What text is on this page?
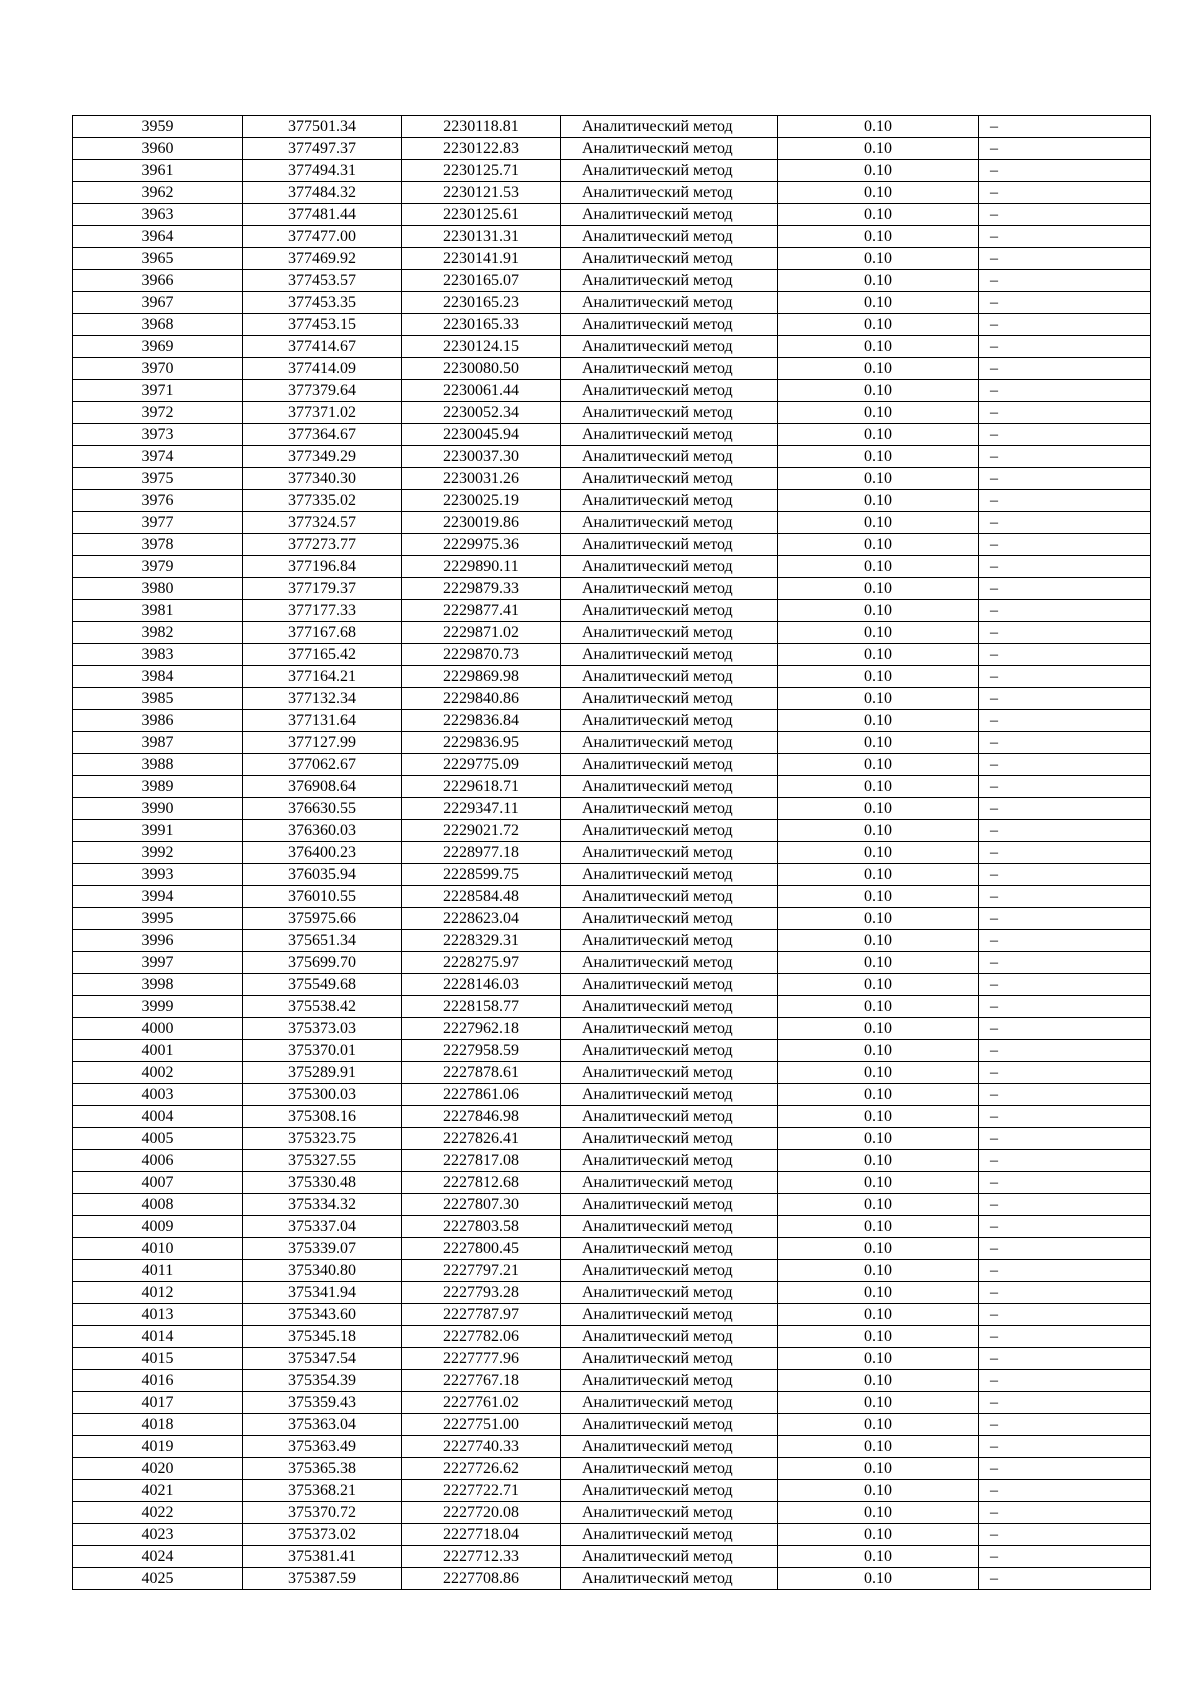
3959	377501.34	2230118.81	Аналитический метод	0.10	–
3960	377497.37	2230122.83	Аналитический метод	0.10	–
3961	377494.31	2230125.71	Аналитический метод	0.10	–
3962	377484.32	2230121.53	Аналитический метод	0.10	–
3963	377481.44	2230125.61	Аналитический метод	0.10	–
3964	377477.00	2230131.31	Аналитический метод	0.10	–
3965	377469.92	2230141.91	Аналитический метод	0.10	–
3966	377453.57	2230165.07	Аналитический метод	0.10	–
3967	377453.35	2230165.23	Аналитический метод	0.10	–
3968	377453.15	2230165.33	Аналитический метод	0.10	–
3969	377414.67	2230124.15	Аналитический метод	0.10	–
3970	377414.09	2230080.50	Аналитический метод	0.10	–
3971	377379.64	2230061.44	Аналитический метод	0.10	–
3972	377371.02	2230052.34	Аналитический метод	0.10	–
3973	377364.67	2230045.94	Аналитический метод	0.10	–
3974	377349.29	2230037.30	Аналитический метод	0.10	–
3975	377340.30	2230031.26	Аналитический метод	0.10	–
3976	377335.02	2230025.19	Аналитический метод	0.10	–
3977	377324.57	2230019.86	Аналитический метод	0.10	–
3978	377273.77	2229975.36	Аналитический метод	0.10	–
3979	377196.84	2229890.11	Аналитический метод	0.10	–
3980	377179.37	2229879.33	Аналитический метод	0.10	–
3981	377177.33	2229877.41	Аналитический метод	0.10	–
3982	377167.68	2229871.02	Аналитический метод	0.10	–
3983	377165.42	2229870.73	Аналитический метод	0.10	–
3984	377164.21	2229869.98	Аналитический метод	0.10	–
3985	377132.34	2229840.86	Аналитический метод	0.10	–
3986	377131.64	2229836.84	Аналитический метод	0.10	–
3987	377127.99	2229836.95	Аналитический метод	0.10	–
3988	377062.67	2229775.09	Аналитический метод	0.10	–
3989	376908.64	2229618.71	Аналитический метод	0.10	–
3990	376630.55	2229347.11	Аналитический метод	0.10	–
3991	376360.03	2229021.72	Аналитический метод	0.10	–
3992	376400.23	2228977.18	Аналитический метод	0.10	–
3993	376035.94	2228599.75	Аналитический метод	0.10	–
3994	376010.55	2228584.48	Аналитический метод	0.10	–
3995	375975.66	2228623.04	Аналитический метод	0.10	–
3996	375651.34	2228329.31	Аналитический метод	0.10	–
3997	375699.70	2228275.97	Аналитический метод	0.10	–
3998	375549.68	2228146.03	Аналитический метод	0.10	–
3999	375538.42	2228158.77	Аналитический метод	0.10	–
4000	375373.03	2227962.18	Аналитический метод	0.10	–
4001	375370.01	2227958.59	Аналитический метод	0.10	–
4002	375289.91	2227878.61	Аналитический метод	0.10	–
4003	375300.03	2227861.06	Аналитический метод	0.10	–
4004	375308.16	2227846.98	Аналитический метод	0.10	–
4005	375323.75	2227826.41	Аналитический метод	0.10	–
4006	375327.55	2227817.08	Аналитический метод	0.10	–
4007	375330.48	2227812.68	Аналитический метод	0.10	–
4008	375334.32	2227807.30	Аналитический метод	0.10	–
4009	375337.04	2227803.58	Аналитический метод	0.10	–
4010	375339.07	2227800.45	Аналитический метод	0.10	–
4011	375340.80	2227797.21	Аналитический метод	0.10	–
4012	375341.94	2227793.28	Аналитический метод	0.10	–
4013	375343.60	2227787.97	Аналитический метод	0.10	–
4014	375345.18	2227782.06	Аналитический метод	0.10	–
4015	375347.54	2227777.96	Аналитический метод	0.10	–
4016	375354.39	2227767.18	Аналитический метод	0.10	–
4017	375359.43	2227761.02	Аналитический метод	0.10	–
4018	375363.04	2227751.00	Аналитический метод	0.10	–
4019	375363.49	2227740.33	Аналитический метод	0.10	–
4020	375365.38	2227726.62	Аналитический метод	0.10	–
4021	375368.21	2227722.71	Аналитический метод	0.10	–
4022	375370.72	2227720.08	Аналитический метод	0.10	–
4023	375373.02	2227718.04	Аналитический метод	0.10	–
4024	375381.41	2227712.33	Аналитический метод	0.10	–
4025	375387.59	2227708.86	Аналитический метод	0.10	–
